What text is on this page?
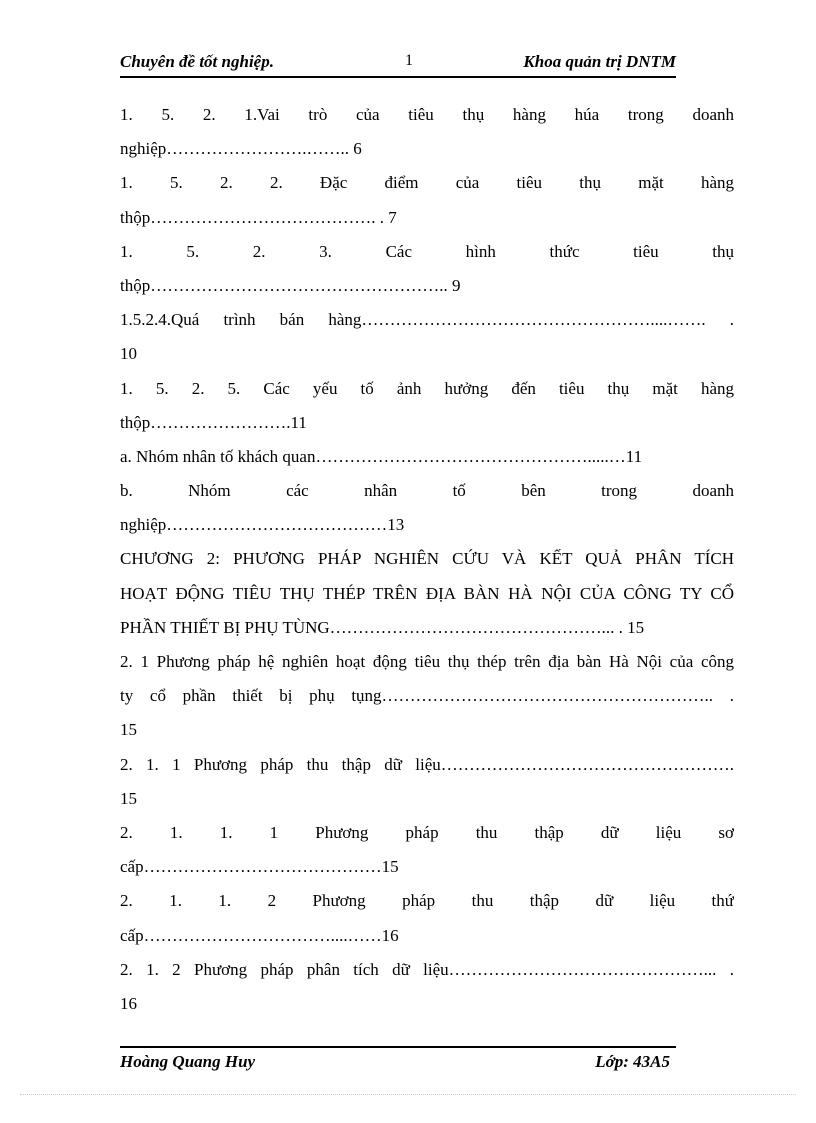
Chuyên đề tốt nghiệp.	1	Khoa quản trị DNTM
1. 5. 2. 1.Vai trò của tiêu thụ hàng húa trong doanh
nghiệp…………………….…….. 6
1. 5. 2. 2. Đặc điểm của tiêu thụ mặt hàng
thộp…………………………………. . 7
1. 5. 2. 3. Các hình thức tiêu thụ
thộp…………………………………………….. 9
1.5.2.4.Quá trình bán hàng……………………………………………....……. .
10
1. 5. 2. 5. Các yếu tố ảnh hưởng đến tiêu thụ mặt hàng
thộp…………………….11
a. Nhóm nhân tố khách quan………………………………………….....…11
b. Nhóm các nhân tố bên trong doanh
nghiệp…………………………………13
CHƯƠNG 2: PHƯƠNG PHÁP NGHIÊN CỨU VÀ KẾT QUẢ PHÂN TÍCH
HOẠT ĐỘNG TIÊU THỤ THÉP TRÊN ĐỊA BÀN HÀ NỘI CỦA CÔNG TY CỔ
PHẦN THIẾT BỊ PHỤ TÙNG…………………………………………... . 15
2. 1 Phương pháp hệ nghiên hoạt động tiêu thụ thép trên địa bàn Hà Nội của công
ty cổ phần thiết bị phụ tụng………………………………………………….. .
15
2. 1. 1 Phương pháp thu thập dữ liệu…………………………………………….
15
2. 1. 1. 1 Phương pháp thu thập dữ liệu sơ
cấp……………………………………15
2. 1. 1. 2 Phương pháp thu thập dữ liệu thứ
cấp……………………………....……16
2. 1. 2 Phương pháp phân tích dữ liệu………………………………………... .
16
Hoàng Quang Huy	Lớp: 43A5
